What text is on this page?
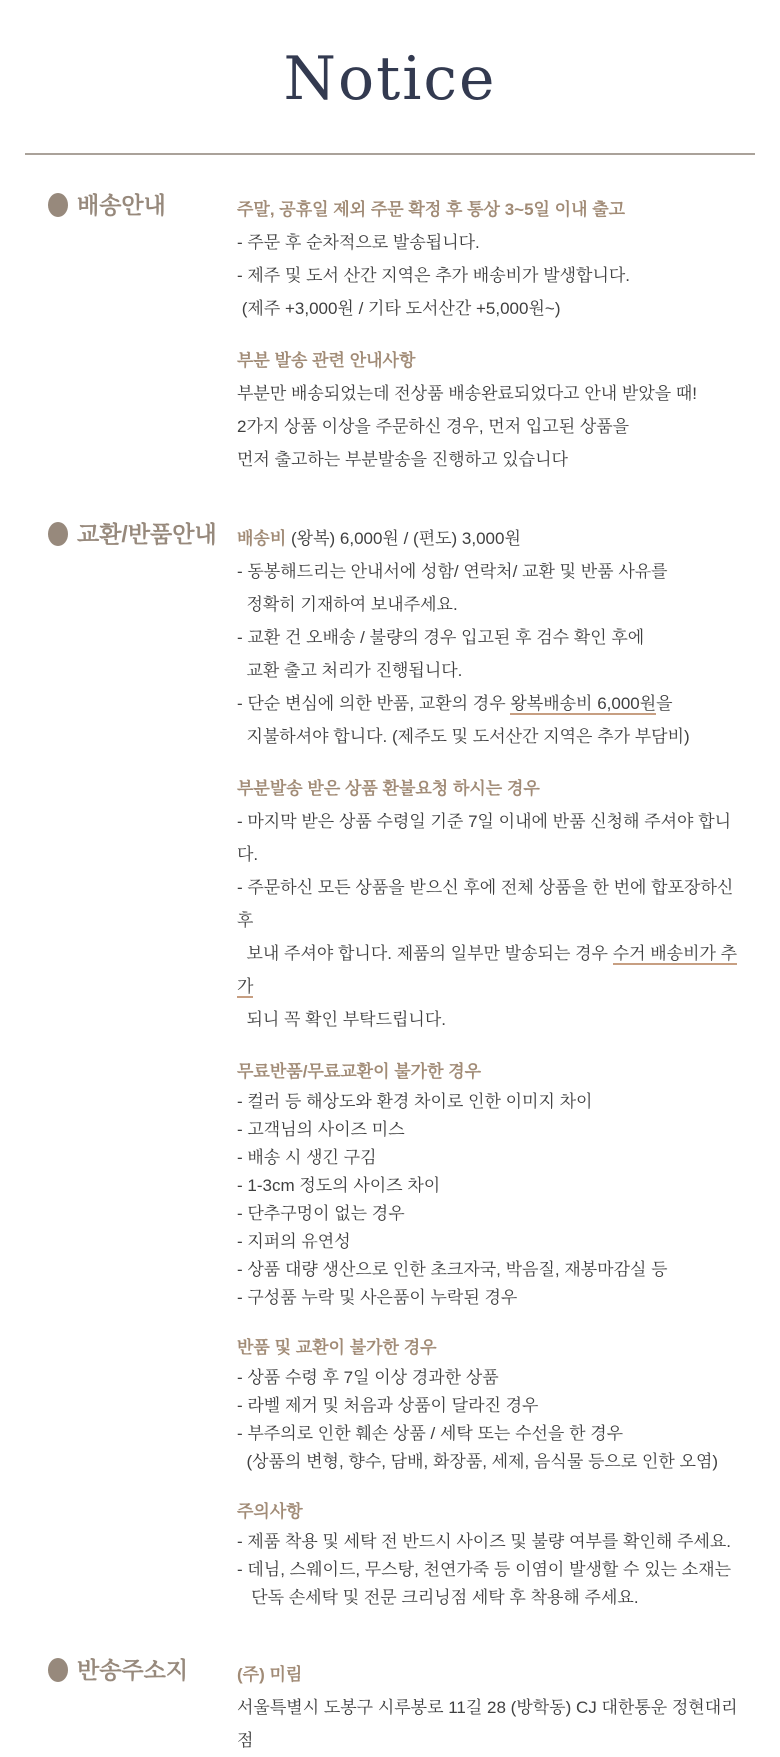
Notice
배송안내	주말, 공휴일 제외 주문 확정 후 통상 3~5일 이내 출고
- 주문 후 순차적으로 발송됩니다.
- 제주 및 도서 산간 지역은 추가 배송비가 발생합니다.
(제주 +3,000원 / 기타 도서산간 +5,000원~)
부분 발송 관련 안내사항
부분만 배송되었는데 전상품 배송완료되었다고 안내 받았을 때!
2가지 상품 이상을 주문하신 경우, 먼저 입고된 상품을
먼저 출고하는 부분발송을 진행하고 있습니다
교환/반품안내 배송비 (왕복) 6,000원 / (편도) 3,000원
- 동봉해드리는 안내서에 성함/ 연락처/ 교환 및 반품 사유를
정확히 기재하여 보내주세요.
- 교환 건 오배송 / 불량의 경우 입고된 후 검수 확인 후에
교환 출고 처리가 진행됩니다.
- 단순 변심에 의한 반품, 교환의 경우 왕복배송비 6,000원을
지불하셔야 합니다. (제주도 및 도서산간 지역은 추가 부담비)
부분발송 받은 상품 환불요청 하시는 경우
- 마지막 받은 상품 수령일 기준 7일 이내에 반품 신청해 주셔야 합니다.
- 주문하신 모든 상품을 받으신 후에 전체 상품을 한 번에 합포장하신 후
보내 주셔야 합니다. 제품의 일부만 발송되는 경우 수거 배송비가 추가
되니 꼭 확인 부탁드립니다.
무료반품/무료교환이 불가한 경우
- 컬러 등 해상도와 환경 차이로 인한 이미지 차이
- 고객님의 사이즈 미스
- 배송 시 생긴 구김
- 1-3cm 정도의 사이즈 차이
- 단추구멍이 없는 경우
- 지퍼의 유연성
- 상품 대량 생산으로 인한 초크자국, 박음질, 재봉마감실 등
- 구성품 누락 및 사은품이 누락된 경우
반품 및 교환이 불가한 경우
- 상품 수령 후 7일 이상 경과한 상품
- 라벨 제거 및 처음과 상품이 달라진 경우
- 부주의로 인한 훼손 상품 / 세탁 또는 수선을 한 경우
(상품의 변형, 향수, 담배, 화장품, 세제, 음식물 등으로 인한 오염)
주의사항
- 제품 착용 및 세탁 전 반드시 사이즈 및 불량 여부를 확인해 주세요.
- 데님, 스웨이드, 무스탕, 천연가죽 등 이염이 발생할 수 있는 소재는
단독 손세탁 및 전문 크리닝점 세탁 후 착용해 주세요.
반송주소지	(주) 미림
서울특별시 도봉구 시루봉로 11길 28 (방학동) CJ 대한통운 정현대리점
